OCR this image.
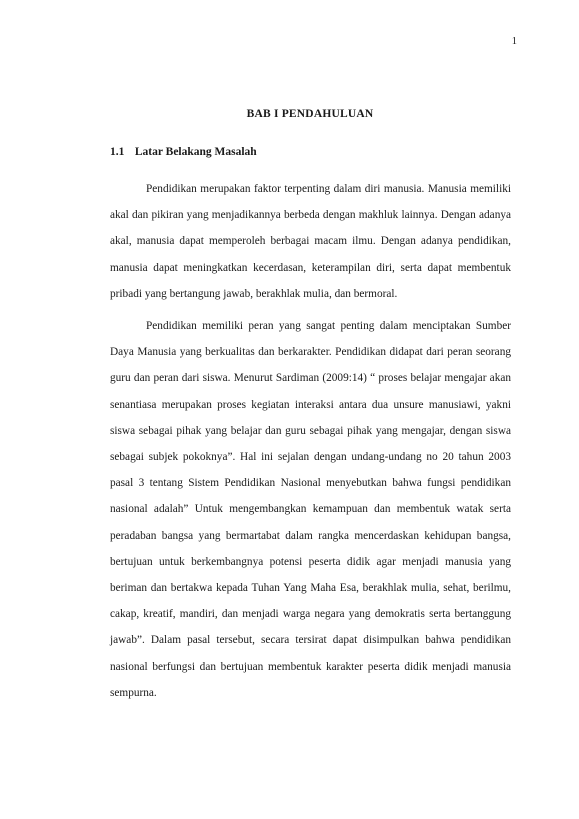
1
BAB I PENDAHULUAN
1.1 Latar Belakang Masalah

Pendidikan merupakan faktor terpenting dalam diri manusia. Manusia memiliki akal dan pikiran yang menjadikannya berbeda dengan makhluk lainnya. Dengan adanya akal, manusia dapat memperoleh berbagai macam ilmu. Dengan adanya pendidikan, manusia dapat meningkatkan kecerdasan, keterampilan diri, serta dapat membentuk pribadi yang bertangung jawab, berakhlak mulia, dan bermoral.

Pendidikan memiliki peran yang sangat penting dalam menciptakan Sumber Daya Manusia yang berkualitas dan berkarakter. Pendidikan didapat dari peran seorang guru dan peran dari siswa. Menurut Sardiman (2009:14) “ proses belajar mengajar akan senantiasa merupakan proses kegiatan interaksi antara dua unsure manusiawi, yakni siswa sebagai pihak yang belajar dan guru sebagai pihak yang mengajar, dengan siswa sebagai subjek pokoknya”. Hal ini sejalan dengan undang-undang no 20 tahun 2003 pasal 3 tentang Sistem Pendidikan Nasional menyebutkan bahwa fungsi pendidikan nasional adalah” Untuk mengembangkan kemampuan dan membentuk watak serta peradaban bangsa yang bermartabat dalam rangka mencerdaskan kehidupan bangsa, bertujuan untuk berkembangnya potensi peserta didik agar menjadi manusia yang beriman dan bertakwa kepada Tuhan Yang Maha Esa, berakhlak mulia, sehat, berilmu, cakap, kreatif, mandiri, dan menjadi warga negara yang demokratis serta bertanggung jawab”. Dalam pasal tersebut, secara tersirat dapat disimpulkan bahwa pendidikan nasional berfungsi dan bertujuan membentuk karakter peserta didik menjadi manusia sempurna.
